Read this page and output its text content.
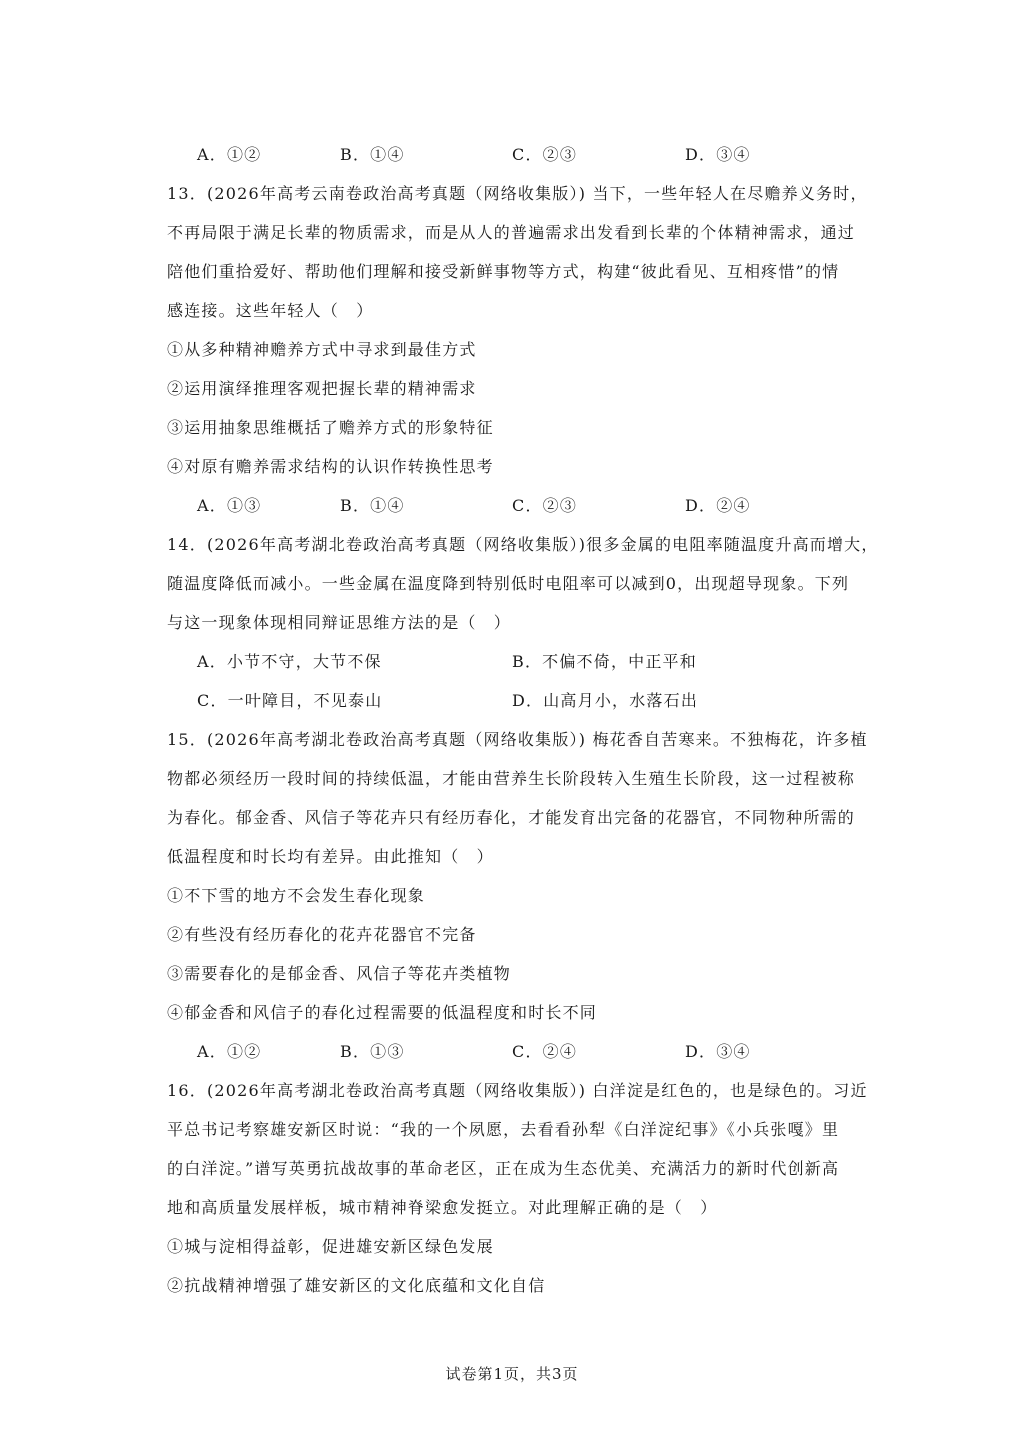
A．①②	B．①④	C．②③	D．③④
13．(2026年高考云南卷政治高考真题（网络收集版）) 当下，一些年轻人在尽赡养义务时，
不再局限于满足长辈的物质需求，而是从人的普遍需求出发看到长辈的个体精神需求，通过
陪他们重拾爱好、帮助他们理解和接受新鲜事物等方式，构建“彼此看见、互相疼惜”的情
感连接。这些年轻人（　）
①从多种精神赡养方式中寻求到最佳方式
②运用演绎推理客观把握长辈的精神需求
③运用抽象思维概括了赡养方式的形象特征
④对原有赡养需求结构的认识作转换性思考
A．①③	B．①④	C．②③	D．②④
14．(2026年高考湖北卷政治高考真题（网络收集版）)很多金属的电阻率随温度升高而增大，
随温度降低而减小。一些金属在温度降到特别低时电阻率可以减到0，出现超导现象。下列
与这一现象体现相同辩证思维方法的是（　）
A．小节不守，大节不保	B．不偏不倚，中正平和
C．一叶障目，不见泰山	D．山高月小，水落石出
15．(2026年高考湖北卷政治高考真题（网络收集版）) 梅花香自苦寒来。不独梅花，许多植
物都必须经历一段时间的持续低温，才能由营养生长阶段转入生殖生长阶段，这一过程被称
为春化。郁金香、风信子等花卉只有经历春化，才能发育出完备的花器官，不同物种所需的
低温程度和时长均有差异。由此推知（　）
①不下雪的地方不会发生春化现象
②有些没有经历春化的花卉花器官不完备
③需要春化的是郁金香、风信子等花卉类植物
④郁金香和风信子的春化过程需要的低温程度和时长不同
A．①②	B．①③	C．②④	D．③④
16．(2026年高考湖北卷政治高考真题（网络收集版）) 白洋淀是红色的，也是绿色的。习近
平总书记考察雄安新区时说：“我的一个夙愿，去看看孙犁《白洋淀纪事》《小兵张嘎》里
的白洋淀。”谱写英勇抗战故事的革命老区，正在成为生态优美、充满活力的新时代创新高
地和高质量发展样板，城市精神脊梁愈发挺立。对此理解正确的是（　）
①城与淀相得益彰，促进雄安新区绿色发展
②抗战精神增强了雄安新区的文化底蕴和文化自信
试卷第1页，共3页
